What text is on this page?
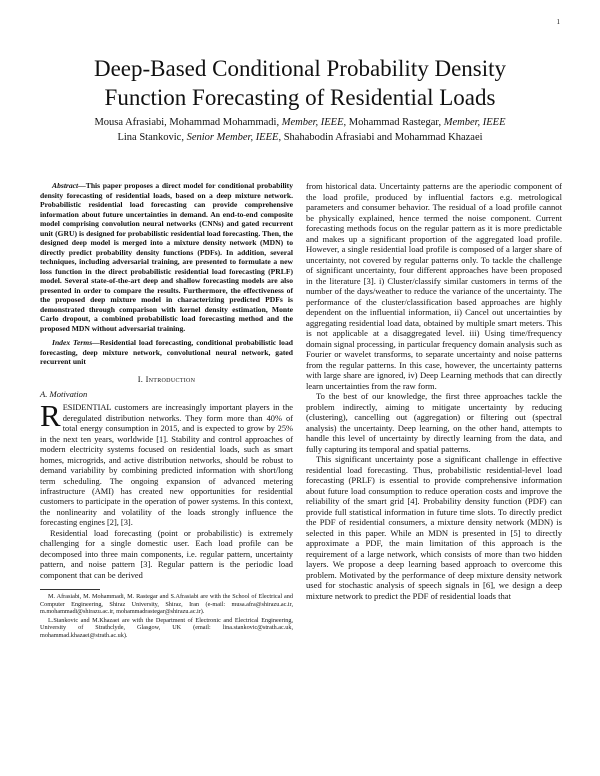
1
Deep-Based Conditional Probability Density
Function Forecasting of Residential Loads
Mousa Afrasiabi, Mohammad Mohammadi, Member, IEEE, Mohammad Rastegar, Member, IEEE
Lina Stankovic, Senior Member, IEEE, Shahabodin Afrasiabi and Mohammad Khazaei

Abstract—This paper proposes a direct model for conditional probability density forecasting of residential loads, based on a deep mixture network. Probabilistic residential load forecasting can provide comprehensive information about future uncertainties in demand. An end-to-end composite model comprising convolution neural networks (CNNs) and gated recurrent unit (GRU) is designed for probabilistic residential load forecasting. Then, the designed deep model is merged into a mixture density network (MDN) to directly predict probability density functions (PDFs). In addition, several techniques, including adversarial training, are presented to formulate a new loss function in the direct probabilistic residential load forecasting (PRLF) model. Several state-of-the-art deep and shallow forecasting models are also presented in order to compare the results. Furthermore, the effectiveness of the proposed deep mixture model in characterizing predicted PDFs is demonstrated through comparison with kernel density estimation, Monte Carlo dropout, a combined probabilistic load forecasting method and the proposed MDN without adversarial training.

Index Terms—Residential load forecasting, conditional probabilistic load forecasting, deep mixture network, convolutional neural network, gated recurrent unit

I. Introduction
A. Motivation

RESIDENTIAL customers are increasingly important players in the deregulated distribution networks. They form more than 40% of total energy consumption in 2015, and is expected to grow by 25% in the next ten years, worldwide [1]. Stability and control approaches of modern electricity systems focused on residential loads, such as smart homes, microgrids, and active distribution networks, should be robust to demand variability by combining predicted information with short/long term scheduling. The ongoing expansion of advanced metering infrastructure (AMI) has created new opportunities for residential customers to participate in the operation of power systems. In this context, the nonlinearity and volatility of the loads strongly influence the forecasting engines [2], [3].

Residential load forecasting (point or probabilistic) is extremely challenging for a single domestic user. Each load profile can be decomposed into three main components, i.e. regular pattern, uncertainty pattern, and noise pattern [3]. Regular pattern is the periodic load component that can be derived

M. Afrasiabi, M. Mohammadi, M. Rastegar and S.Afrasiabi are with the School of Electrical and Computer Engineering, Shiraz University, Shiraz, Iran (e-mail: musa.afra@shirazu.ac.ir, m.mohammadi@shirazu.ac.ir, mohammadrastegar@shirazu.ac.ir).

L.Stankovic and M.Khazaei are with the Department of Electronic and Electrical Engineering, University of Strathclyde, Glasgow, UK (email: lina.stankovic@strath.ac.uk, mohammad.khazaei@strath.ac.uk).

from historical data. Uncertainty patterns are the aperiodic component of the load profile, produced by influential factors e.g. metrological parameters and consumer behavior. The residual of a load profile cannot be physically explained, hence termed the noise component. Current forecasting methods focus on the regular pattern as it is more predictable and makes up a significant proportion of the aggregated load profile. However, a single residential load profile is composed of a larger share of uncertainty, not covered by regular patterns only. To tackle the challenge of significant uncertainty, four different approaches have been proposed in the literature [3]. i) Cluster/classify similar customers in terms of the number of the days/weather to reduce the variance of the uncertainty. The performance of the cluster/classification based approaches are highly dependent on the influential information, ii) Cancel out uncertainties by aggregating residential load data, obtained by multiple smart meters. This is not applicable at a disaggregated level. iii) Using time/frequency domain signal processing, in particular frequency domain analysis such as Fourier or wavelet transforms, to separate uncertainty and noise patterns from the regular patterns. In this case, however, the uncertainty patterns with large share are ignored, iv) Deep Learning methods that can directly learn uncertainties from the raw form.

To the best of our knowledge, the first three approaches tackle the problem indirectly, aiming to mitigate uncertainty by reducing (clustering), cancelling out (aggregation) or filtering out (spectral analysis) the uncertainty. Deep learning, on the other hand, attempts to handle this level of uncertainty by directly learning from the data, and fully capturing its temporal and spatial patterns.

This significant uncertainty pose a significant challenge in effective residential load forecasting. Thus, probabilistic residential-level load forecasting (PRLF) is essential to provide comprehensive information about future load consumption to reduce operation costs and improve the reliability of the smart grid [4]. Probability density function (PDF) can provide full statistical information in future time slots. To directly predict the PDF of residential consumers, a mixture density network (MDN) is selected in this paper. While an MDN is presented in [5] to directly approximate a PDF, the main limitation of this approach is the requirement of a large network, which consists of more than two hidden layers. We propose a deep learning based approach to overcome this problem. Motivated by the performance of deep mixture density network used for stochastic analysis of speech signals in [6], we design a deep mixture network to predict the PDF of residential loads that
